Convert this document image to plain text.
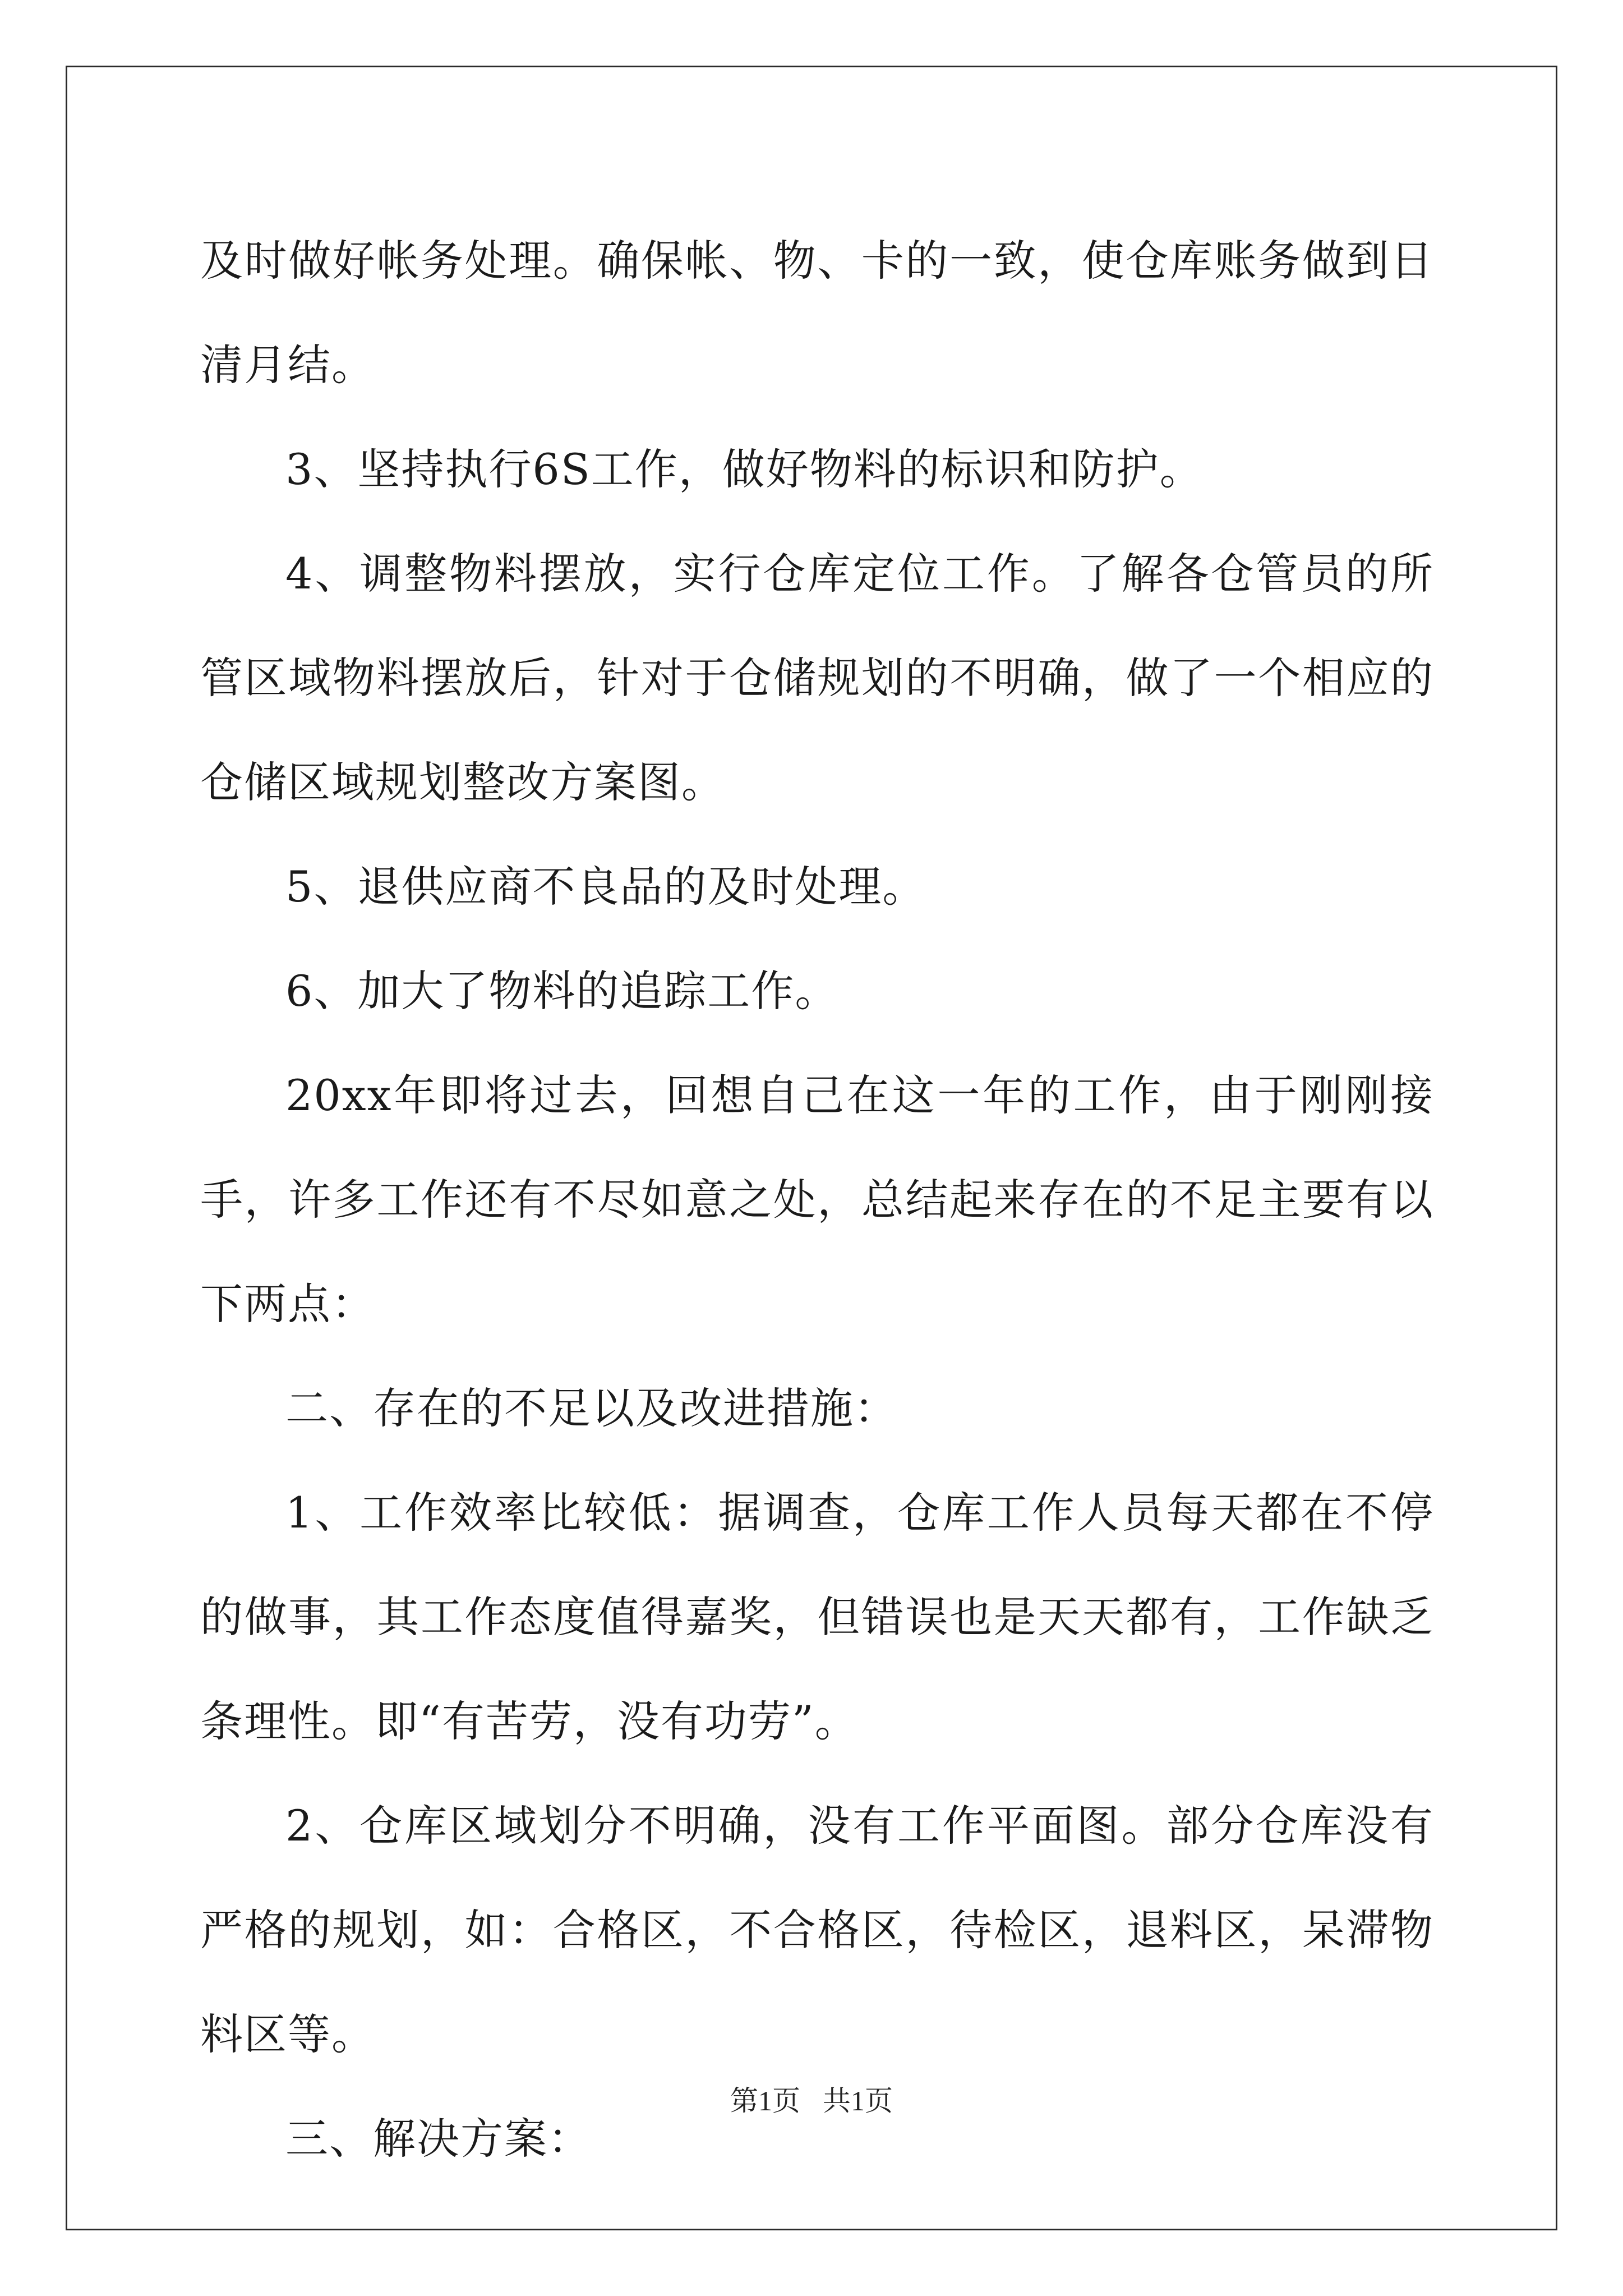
及时做好帐务处理。确保帐、物、卡的一致，使仓库账务做到日清月结。

3、坚持执行6S工作，做好物料的标识和防护。

4、调整物料摆放，实行仓库定位工作。了解各仓管员的所管区域物料摆放后，针对于仓储规划的不明确，做了一个相应的仓储区域规划整改方案图。

5、退供应商不良品的及时处理。

6、加大了物料的追踪工作。

20xx年即将过去，回想自己在这一年的工作，由于刚刚接手，许多工作还有不尽如意之处，总结起来存在的不足主要有以下两点：

二、存在的不足以及改进措施：

1、工作效率比较低：据调查，仓库工作人员每天都在不停的做事，其工作态度值得嘉奖，但错误也是天天都有，工作缺乏条理性。即“有苦劳，没有功劳”。

2、仓库区域划分不明确，没有工作平面图。部分仓库没有严格的规划，如：合格区，不合格区，待检区，退料区，呆滞物料区等。

三、解决方案：

第1页 共1页
